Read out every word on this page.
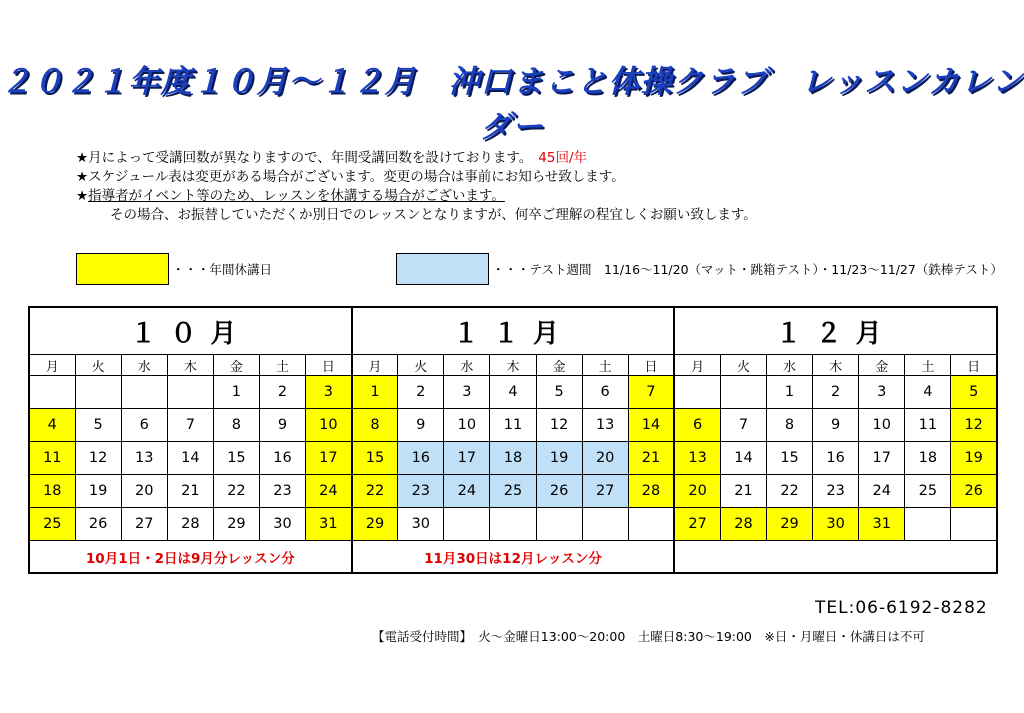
２０２１年度１０月～１２月　沖口まこと体操クラブ　レッスンカレンダー
★月によって受講回数が異なりますので、年間受講回数を設けております。 45回/年
★スケジュール表は変更がある場合がございます。変更の場合は事前にお知らせ致します。
★指導者がイベント等のため、レッスンを休講する場合がございます。
その場合、お振替していただくか別日でのレッスンとなりますが、何卒ご理解の程宜しくお願い致します。
・・・年間休講日	・・・テスト週間　11/16～11/20（マット・跳箱テスト）・11/23～11/27（鉄棒テスト）
１０月							１１月							１２月						
月	火	水	木	金	土	日	月	火	水	木	金	土	日	月	火	水	木	金	土	日
				1	2	3	1	2	3	4	5	6	7			1	2	3	4	5
4	5	6	7	8	9	10	8	9	10	11	12	13	14	6	7	8	9	10	11	12
11	12	13	14	15	16	17	15	16	17	18	19	20	21	13	14	15	16	17	18	19
18	19	20	21	22	23	24	22	23	24	25	26	27	28	20	21	22	23	24	25	26
25	26	27	28	29	30	31	29	30						27	28	29	30	31		
10月1日・2日は9月分レッスン分							11月30日は12月レッスン分													
TEL:06-6192-8282
【電話受付時間】　火～金曜日13:00～20:00　土曜日8:30～19:00　※日・月曜日・休講日は不可
